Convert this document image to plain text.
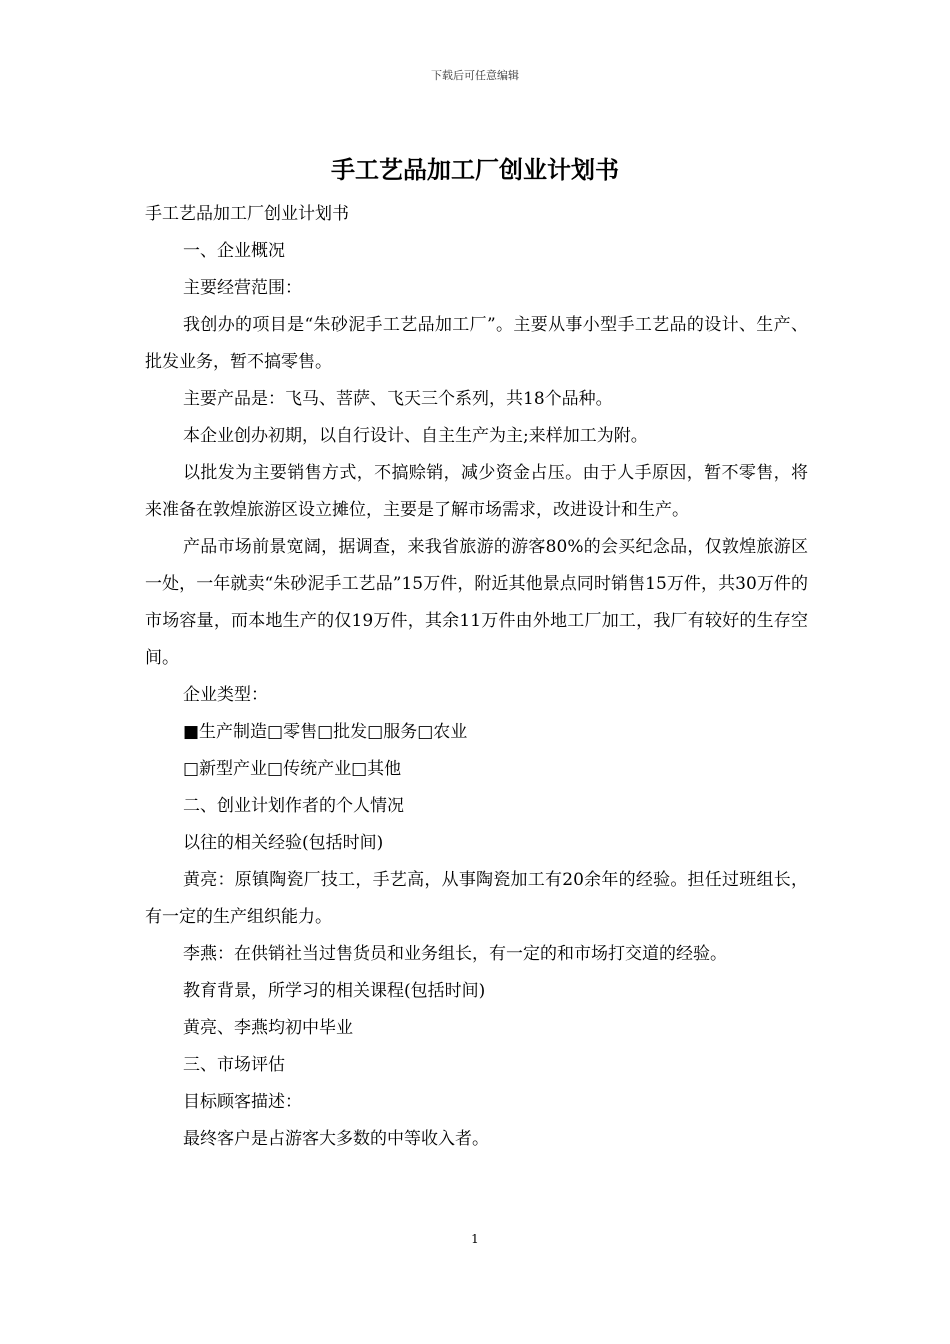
下载后可任意编辑
手工艺品加工厂创业计划书

手工艺品加工厂创业计划书

一、企业概况

主要经营范围：

我创办的项目是“朱砂泥手工艺品加工厂”。主要从事小型手工艺品的设计、生产、批发业务，暂不搞零售。

主要产品是：飞马、菩萨、飞天三个系列，共18个品种。

本企业创办初期，以自行设计、自主生产为主;来样加工为附。

以批发为主要销售方式，不搞赊销，减少资金占压。由于人手原因，暂不零售，将来准备在敦煌旅游区设立摊位，主要是了解市场需求，改进设计和生产。

产品市场前景宽阔，据调查，来我省旅游的游客80%的会买纪念品，仅敦煌旅游区一处，一年就卖“朱砂泥手工艺品”15万件，附近其他景点同时销售15万件，共30万件的市场容量，而本地生产的仅19万件，其余11万件由外地工厂加工，我厂有较好的生存空间。

企业类型：

■生产制造□零售□批发□服务□农业

□新型产业□传统产业□其他

二、创业计划作者的个人情况

以往的相关经验(包括时间)

黄亮：原镇陶瓷厂技工，手艺高，从事陶瓷加工有20余年的经验。担任过班组长，有一定的生产组织能力。

李燕：在供销社当过售货员和业务组长，有一定的和市场打交道的经验。

教育背景，所学习的相关课程(包括时间)

黄亮、李燕均初中毕业

三、市场评估

目标顾客描述：

最终客户是占游客大多数的中等收入者。

1
